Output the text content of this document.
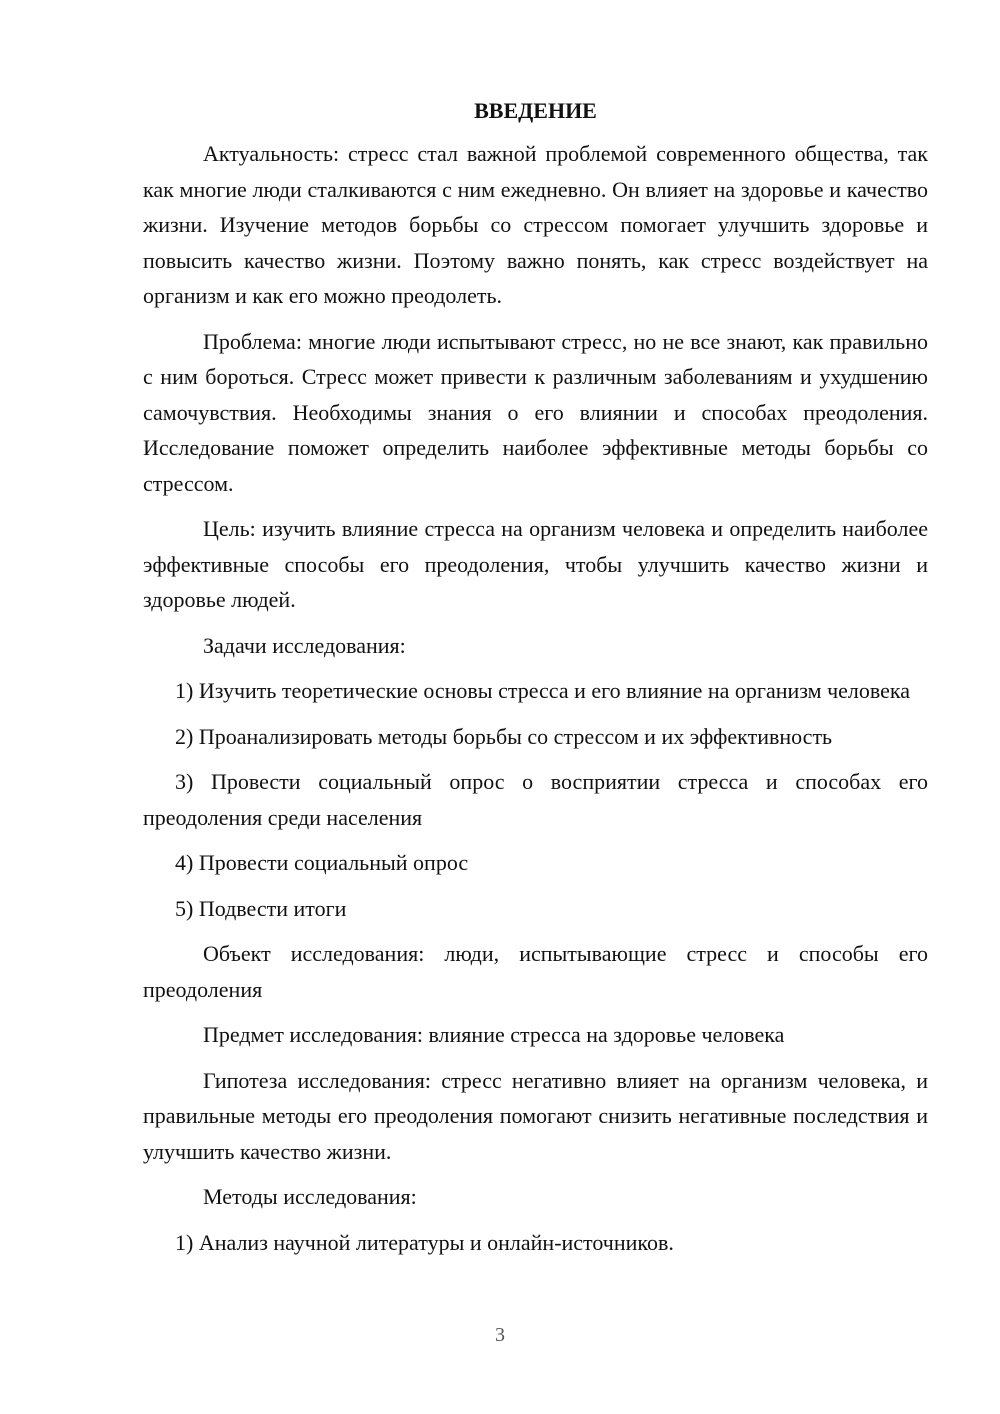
ВВЕДЕНИЕ

Актуальность: стресс стал важной проблемой современного общества, так как многие люди сталкиваются с ним ежедневно. Он влияет на здоровье и качество жизни. Изучение методов борьбы со стрессом помогает улучшить здоровье и повысить качество жизни. Поэтому важно понять, как стресс воздействует на организм и как его можно преодолеть.

Проблема: многие люди испытывают стресс, но не все знают, как правильно с ним бороться. Стресс может привести к различным заболеваниям и ухудшению самочувствия. Необходимы знания о его влиянии и способах преодоления. Исследование поможет определить наиболее эффективные методы борьбы со стрессом.

Цель: изучить влияние стресса на организм человека и определить наиболее эффективные способы его преодоления, чтобы улучшить качество жизни и здоровье людей.

Задачи исследования:

1) Изучить теоретические основы стресса и его влияние на организм человека

2) Проанализировать методы борьбы со стрессом и их эффективность

3) Провести социальный опрос о восприятии стресса и способах его преодоления среди населения

4) Провести социальный опрос

5) Подвести итоги

Объект исследования: люди, испытывающие стресс и способы его преодоления

Предмет исследования: влияние стресса на здоровье человека

Гипотеза исследования: стресс негативно влияет на организм человека, и правильные методы его преодоления помогают снизить негативные последствия и улучшить качество жизни.

Методы исследования:

1) Анализ научной литературы и онлайн-источников.

3
